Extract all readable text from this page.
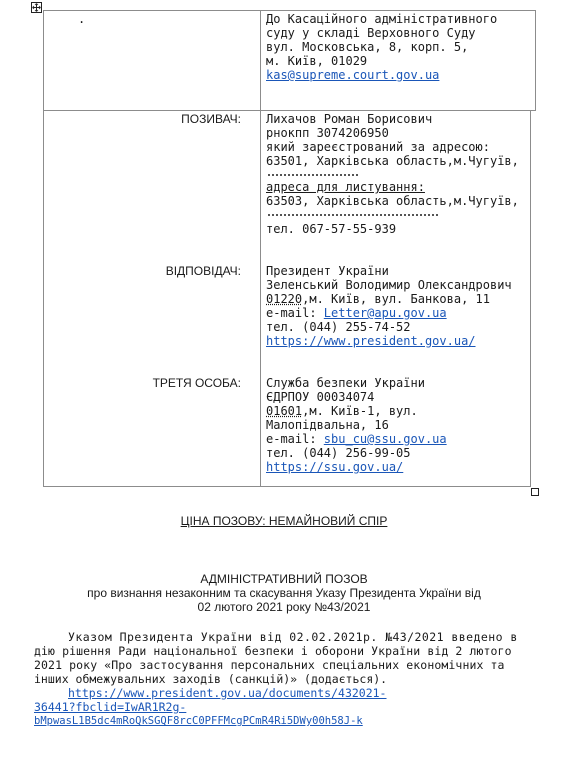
.	До Касаційного адміністративного
суду у складі Верховного Суду
вул. Московська, 8, корп. 5,
м. Київ, 01029
kas@supreme.court.gov.ua
ПОЗИВАЧ: Лихачов Роман Борисович
рнокпп 3074206950
який зареєстрований за адресою:
63501, Харківська область,м.Чугуїв,
адреса для листування:
63503, Харківська область,м.Чугуїв,
тел. 067-57-55-939
ВІДПОВІДАЧ: Президент України
Зеленський Володимир Олександрович
01220,м. Київ, вул. Банкова, 11
e-mail: Letter@apu.gov.ua
тел. (044) 255-74-52
https://www.president.gov.ua/
ТРЕТЯ ОСОБА: Служба безпеки України
ЄДРПОУ 00034074
01601,м. Київ-1, вул.
Малопідвальна, 16
e-mail: sbu_cu@ssu.gov.ua
тел. (044) 256-99-05
https://ssu.gov.ua/
ЦІНА ПОЗОВУ: НЕМАЙНОВИЙ СПІР
АДМІНІСТРАТИВНИЙ ПОЗОВ
про визнання незаконним та скасування Указу Президента України від
02 лютого 2021 року №43/2021
Указом Президента України від 02.02.2021р. №43/2021 введено в
дію рішення Ради національної безпеки і оборони України від 2 лютого
2021 року «Про застосування персональних спеціальних економічних та
інших обмежувальних заходів (санкцій)» (додається).
https://www.president.gov.ua/documents/432021-
36441?fbclid=IwAR1R2g-
bMpwasL1B5dc4mRoQkSGQF8rcC0PFFMcgPCmR4Ri5DWy00h58J-k
